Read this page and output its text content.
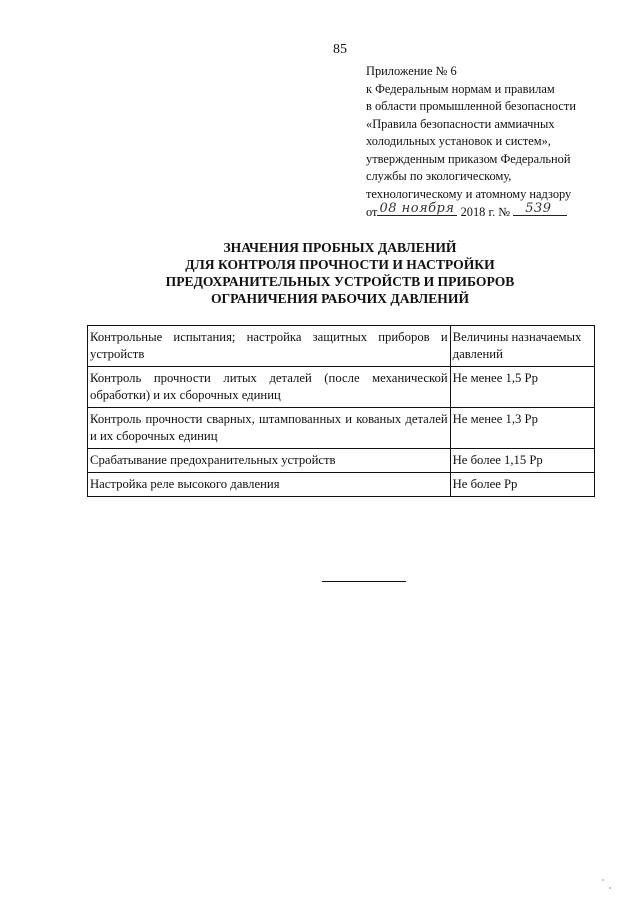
85
Приложение № 6
к Федеральным нормам и правилам
в области промышленной безопасности
«Правила безопасности аммиачных
холодильных установок и систем»,
утвержденным приказом Федеральной
службы по экологическому,
технологическому и атомному надзору
от 08 ноября 2018 г. № 539
ЗНАЧЕНИЯ ПРОБНЫХ ДАВЛЕНИЙ
ДЛЯ КОНТРОЛЯ ПРОЧНОСТИ И НАСТРОЙКИ
ПРЕДОХРАНИТЕЛЬНЫХ УСТРОЙСТВ И ПРИБОРОВ
ОГРАНИЧЕНИЯ РАБОЧИХ ДАВЛЕНИЙ
Контрольные испытания; настройка защитных приборов и устройств	Величины назначаемых давлений
Контроль прочности литых деталей (после механической обработки) и их сборочных единиц	Не менее 1,5 Рр
Контроль прочности сварных, штампованных и кованых деталей и их сборочных единиц	Не менее 1,3 Рр
Срабатывание предохранительных устройств	Не более 1,15 Рр
Настройка реле высокого давления	Не более Рр
